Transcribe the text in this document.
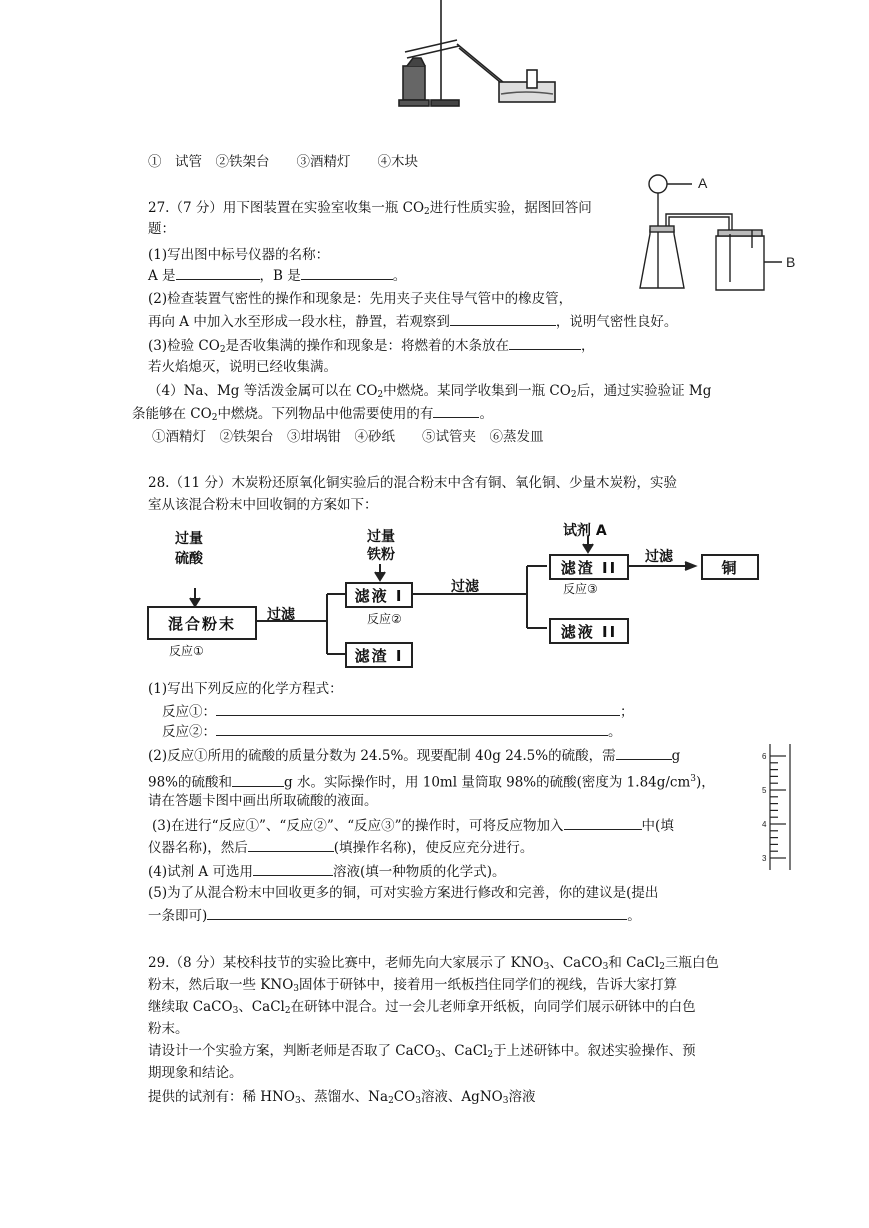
①　试管　②铁架台　　③酒精灯　　④木块
27.（7 分）用下图装置在实验室收集一瓶 $CO_2$进行性质实验，据图回答问
题：
(1)写出图中标号仪器的名称：
A 是	，B 是	。
(2)检查装置气密性的操作和现象是：先用夹子夹住导气管中的橡皮管，
再向 A 中加入水至形成一段水柱，静置，若观察到	，说明气密性良好。
(3)检验 $CO_2$是否收集满的操作和现象是：将燃着的木条放在	，
若火焰熄灭，说明已经收集满。
（4）Na、Mg 等活泼金属可以在 $CO_2$中燃烧。某同学收集到一瓶 $CO_2$后，通过实验验证 Mg
条能够在 $CO_2$中燃烧。下列物品中他需要使用的有	。
①酒精灯　②铁架台　③坩埚钳　④砂纸　　⑤试管夹　⑥蒸发皿
A
B
28.（11 分）木炭粉还原氧化铜实验后的混合粉末中含有铜、氧化铜、少量木炭粉，实验
室从该混合粉末中回收铜的方案如下：
过量
硫酸
过量
铁粉
试剂 A
混合粉末
反应①
过滤
滤液 I
反应②
滤渣 I
过滤
滤渣 II
反应③
过滤
铜
滤液 II
(1)写出下列反应的化学方程式：
反应①：	；
反应②：	。
(2)反应①所用的硫酸的质量分数为 24.5%。现要配制 40g 24.5%的硫酸，需	g
98%的硫酸和	g 水。实际操作时，用 10ml 量筒取 98%的硫酸(密度为 $1.84g/cm^3$)，
请在答题卡图中画出所取硫酸的液面。
(3)在进行“反应①”、“反应②”、“反应③”的操作时，可将反应物加入	中(填
仪器名称)，然后	(填操作名称)，使反应充分进行。
(4)试剂 A 可选用	溶液(填一种物质的化学式)。
(5)为了从混合粉末中回收更多的铜，可对实验方案进行修改和完善，你的建议是(提出
一条即可)	。
6
5
4
3
29.（8 分）某校科技节的实验比赛中，老师先向大家展示了 $KNO_3$、CaCO$_3$和 CaCl$_2$三瓶白色
粉末，然后取一些 $KNO_3$固体于研钵中，接着用一纸板挡住同学们的视线，告诉大家打算
继续取 CaCO$_3$、CaCl$_2$在研钵中混合。过一会儿老师拿开纸板，向同学们展示研钵中的白色
粉末。
请设计一个实验方案，判断老师是否取了 CaCO$_3$、CaCl$_2$于上述研钵中。叙述实验操作、预
期现象和结论。
提供的试剂有：稀 $HNO_3$、蒸馏水、$Na_2CO_3$溶液、AgNO$_3$溶液
